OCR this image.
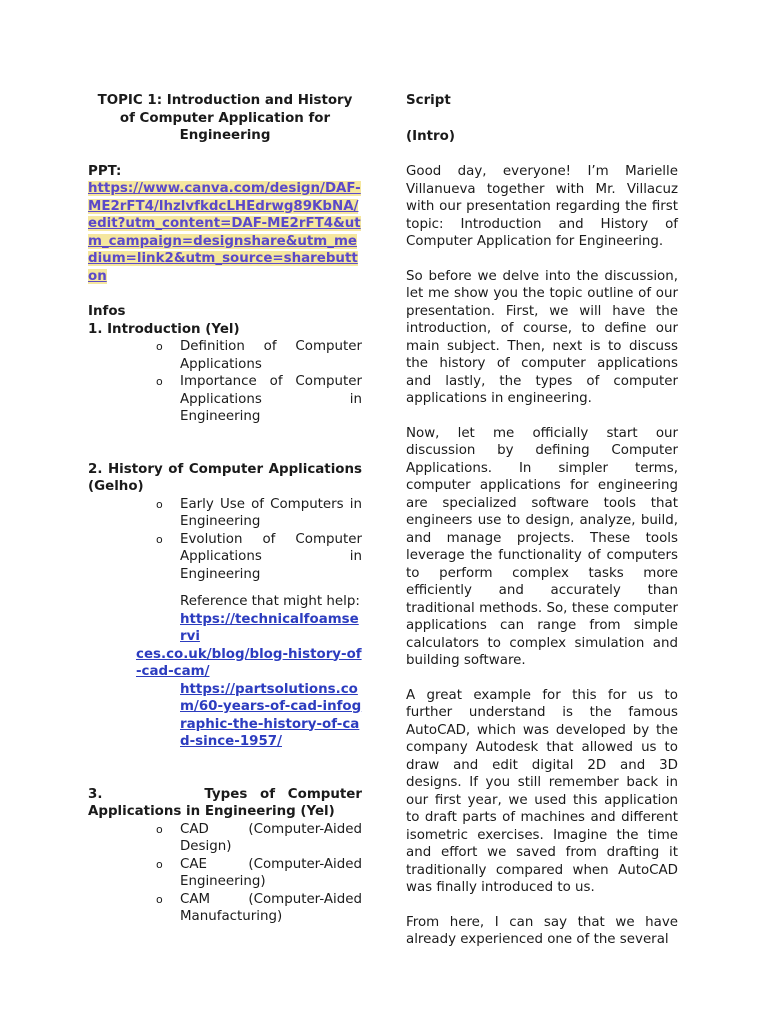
TOPIC 1: Introduction and History of Computer Application for Engineering
PPT:
https://www.canva.com/design/DAF-ME2rFT4/lhzlvfkdcLHEdrwg89KbNA/edit?utm_content=DAF-ME2rFT4&utm_campaign=designshare&utm_medium=link2&utm_source=sharebutton
Infos
1. Introduction (Yel)
o Definition of Computer Applications
o Importance of Computer Applications in Engineering
2. History of Computer Applications (Gelho)
o Early Use of Computers in Engineering
o Evolution of Computer Applications in Engineering
Reference that might help:
https://technicalfoamservi
ces.co.uk/blog/blog-history-of-cad-cam/
https://partsolutions.com/60-years-of-cad-infographic-the-history-of-cad-since-1957/
3.        Types of Computer Applications in Engineering (Yel)
o CAD (Computer-Aided Design)
o CAE (Computer-Aided Engineering)
o CAM (Computer-Aided Manufacturing)
Script
(Intro)

Good day, everyone! I’m Marielle Villanueva together with Mr. Villacuz with our presentation regarding the first topic: Introduction and History of Computer Application for Engineering.

So before we delve into the discussion, let me show you the topic outline of our presentation. First, we will have the introduction, of course, to define our main subject. Then, next is to discuss the history of computer applications and lastly, the types of computer applications in engineering.

Now, let me officially start our discussion by defining Computer Applications. In simpler terms, computer applications for engineering are specialized software tools that engineers use to design, analyze, build, and manage projects. These tools leverage the functionality of computers to perform complex tasks more efficiently and accurately than traditional methods. So, these computer applications can range from simple calculators to complex simulation and building software.

A great example for this for us to further understand is the famous AutoCAD, which was developed by the company Autodesk that allowed us to draw and edit digital 2D and 3D designs. If you still remember back in our first year, we used this application to draft parts of machines and different isometric exercises. Imagine the time and effort we saved from drafting it traditionally compared when AutoCAD was finally introduced to us.

From here, I can say that we have already experienced one of the several
